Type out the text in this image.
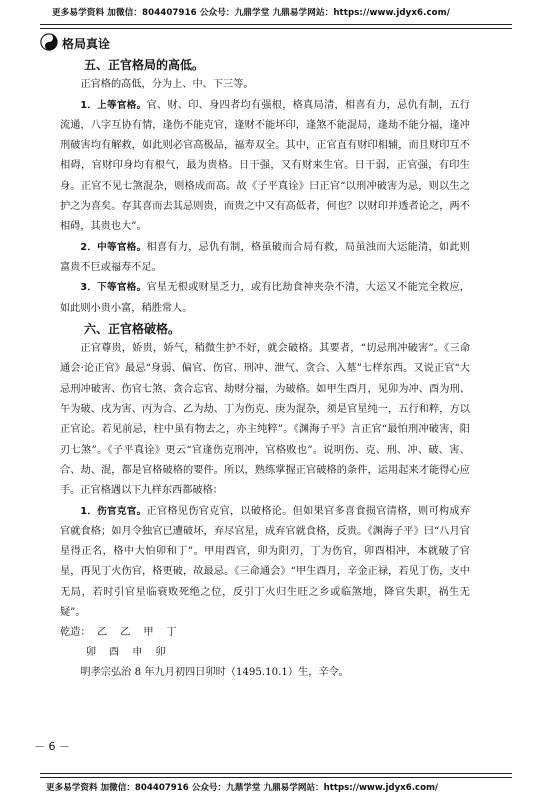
更多易学资料 加微信：804407916 公众号：九鼎学堂 九鼎易学网站：https://www.jdyx6.com/
格局真诠

五、正官格局的高低。

正官格的高低，分为上、中、下三等。

1．上等官格。官、财、印、身四者均有强根，格真局清，相喜有力，忌仇有制，五行流通，八字互协有情，逢伤不能克官，逢财不能坏印，逢煞不能混局，逢劫不能分福，逢冲刑破害均有解救，如此则必官高极品，福寿双全。其中，正官直有财印相辅，而且财印互不相碍，官财印身均有根气，最为贵格。日干强，又有财来生官。日干弱，正官强，有印生身。正官不见七煞混杂，则格成而高。故《子平真诠》曰正官“以刑冲破害为忌，则以生之护之为喜矣。存其喜而去其忌则贵，而贵之中又有高低者，何也？以财印并透者论之，两不相碍，其贵也大”。

2．中等官格。相喜有力，忌仇有制，格虽破而合局有救，局虽浊而大运能清，如此则富贵不巨或福寿不足。

3．下等官格。官星无根或财星乏力，或有比劫食神夹杂不清，大运又不能完全救应，如此则小贵小富，稍胜常人。

六、正官格破格。

正官尊贵，娇贵，娇气，稍微生护不好，就会破格。其要者，“切忌刑冲破害”。《三命通会·论正官》最忌“身弱、偏官、伤官、刑冲、泄气、贪合、入墓”七样东西。又说正官“大忌刑冲破害、伤官七煞、贪合忘官、劫财分福，为破格。如甲生酉月，见卯为冲、酉为刑、午为破、戌为害、丙为合、乙为劫、丁为伤克、庚为混杂，须是官星纯一，五行和粹，方以正官论。若见前忌，柱中虽有物去之，亦主纯粹”。《渊海子平》言正官“最怕刑冲破害，阳刃七煞”。《子平真诠》更云“官逢伤克刑冲，官格败也”。说明伤、克、刑、冲、破、害、合、劫、混，都是官格破格的要件。所以，熟练掌握正官破格的条件，运用起来才能得心应手。正官格遇以下九样东西都破格：

1．伤官克官。正官格见伤官克官，以破格论。但如果官多喜食损官清格，则可构成弃官就食格；如月令独官已遭破坏，弃尽官星，成弃官就食格，反贵。《渊海子平》曰“八月官星得正名，格中大怕卯和丁”。甲用酉官，卯为阳刃，丁为伤官，卯酉相冲，本就破了官星，再见丁火伤官，格更破，故最忌。《三命通会》“甲生酉月，辛金正禄，若见丁伤，支中无局，若时引官星临衰败死绝之位，反引丁火归生旺之乡或临煞地，降官失职，祸生无疑”。

乾造：  乙    乙    甲    丁
卯    酉    申    卯

明孝宗弘治 8 年九月初四日卯时（1495.10.1）生，辛令。

－ 6 －
更多易学资料 加微信：804407916 公众号：九鼎学堂 九鼎易学网站：https://www.jdyx6.com/
